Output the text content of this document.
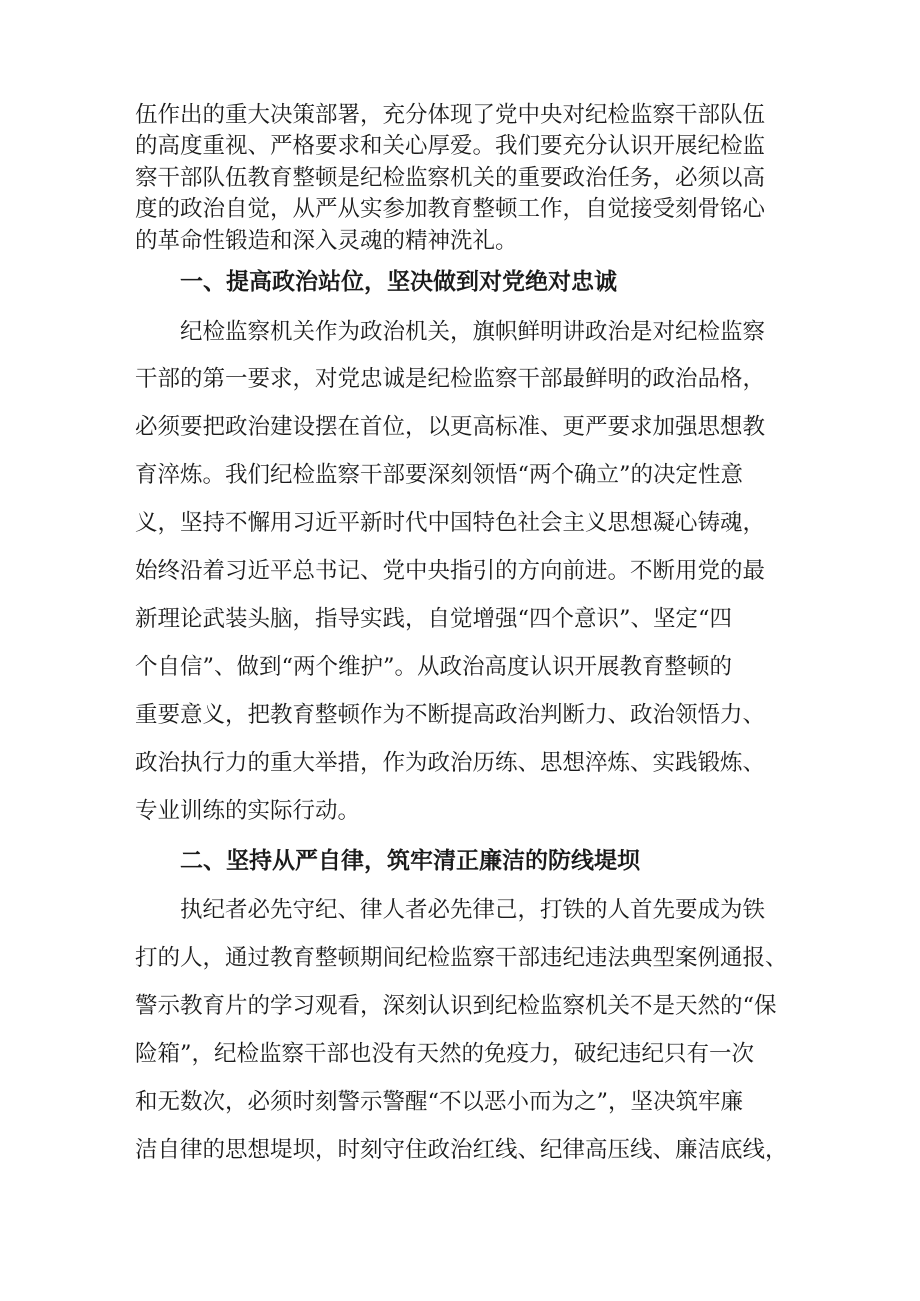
伍作出的重大决策部署，充分体现了党中央对纪检监察干部队伍
的高度重视、严格要求和关心厚爱。我们要充分认识开展纪检监
察干部队伍教育整顿是纪检监察机关的重要政治任务，必须以高
度的政治自觉，从严从实参加教育整顿工作，自觉接受刻骨铭心
的革命性锻造和深入灵魂的精神洗礼。
一、提高政治站位，坚决做到对党绝对忠诚
纪检监察机关作为政治机关，旗帜鲜明讲政治是对纪检监察
干部的第一要求，对党忠诚是纪检监察干部最鲜明的政治品格，
必须要把政治建设摆在首位，以更高标准、更严要求加强思想教
育淬炼。我们纪检监察干部要深刻领悟“两个确立”的决定性意
义，坚持不懈用习近平新时代中国特色社会主义思想凝心铸魂，
始终沿着习近平总书记、党中央指引的方向前进。不断用党的最
新理论武装头脑，指导实践，自觉增强“四个意识”、坚定“四
个自信”、做到“两个维护”。从政治高度认识开展教育整顿的
重要意义，把教育整顿作为不断提高政治判断力、政治领悟力、
政治执行力的重大举措，作为政治历练、思想淬炼、实践锻炼、
专业训练的实际行动。
二、坚持从严自律，筑牢清正廉洁的防线堤坝
执纪者必先守纪、律人者必先律己，打铁的人首先要成为铁
打的人，通过教育整顿期间纪检监察干部违纪违法典型案例通报、
警示教育片的学习观看，深刻认识到纪检监察机关不是天然的“保
险箱”，纪检监察干部也没有天然的免疫力，破纪违纪只有一次
和无数次，必须时刻警示警醒“不以恶小而为之”，坚决筑牢廉
洁自律的思想堤坝，时刻守住政治红线、纪律高压线、廉洁底线，
